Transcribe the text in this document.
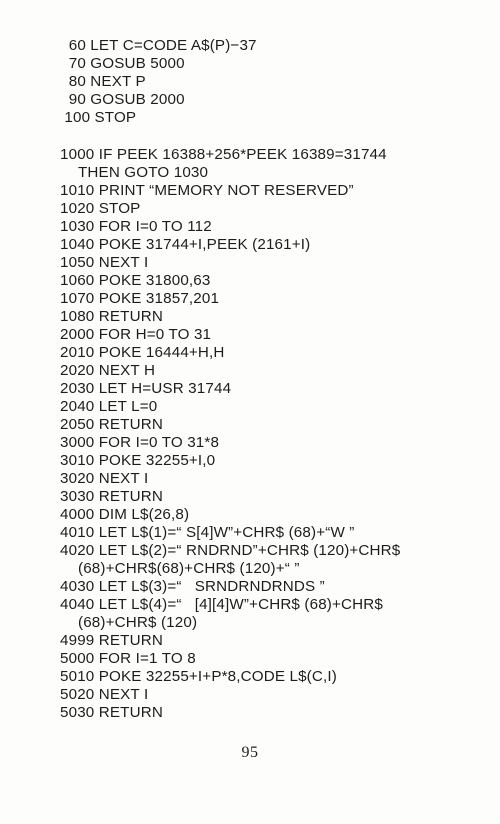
60 LET C=CODE A$(P)−37
70 GOSUB 5000
80 NEXT P
90 GOSUB 2000
100 STOP
1000 IF PEEK 16388+256*PEEK 16389=31744
THEN GOTO 1030
1010 PRINT “MEMORY NOT RESERVED”
1020 STOP
1030 FOR I=0 TO 112
1040 POKE 31744+I,PEEK (2161+I)
1050 NEXT I
1060 POKE 31800,63
1070 POKE 31857,201
1080 RETURN
2000 FOR H=0 TO 31
2010 POKE 16444+H,H
2020 NEXT H
2030 LET H=USR 31744
2040 LET L=0
2050 RETURN
3000 FOR I=0 TO 31*8
3010 POKE 32255+I,0
3020 NEXT I
3030 RETURN
4000 DIM L$(26,8)
4010 LET L$(1)=“ S[4]W”+CHR$ (68)+“W ”
4020 LET L$(2)=“ RNDRND”+CHR$ (120)+CHR$
(68)+CHR$(68)+CHR$ (120)+“ ”
4030 LET L$(3)=“   SRNDRNDRNDS ”
4040 LET L$(4)=“   [4][4]W”+CHR$ (68)+CHR$
(68)+CHR$ (120)
4999 RETURN
5000 FOR I=1 TO 8
5010 POKE 32255+I+P*8,CODE L$(C,I)
5020 NEXT I
5030 RETURN
95
